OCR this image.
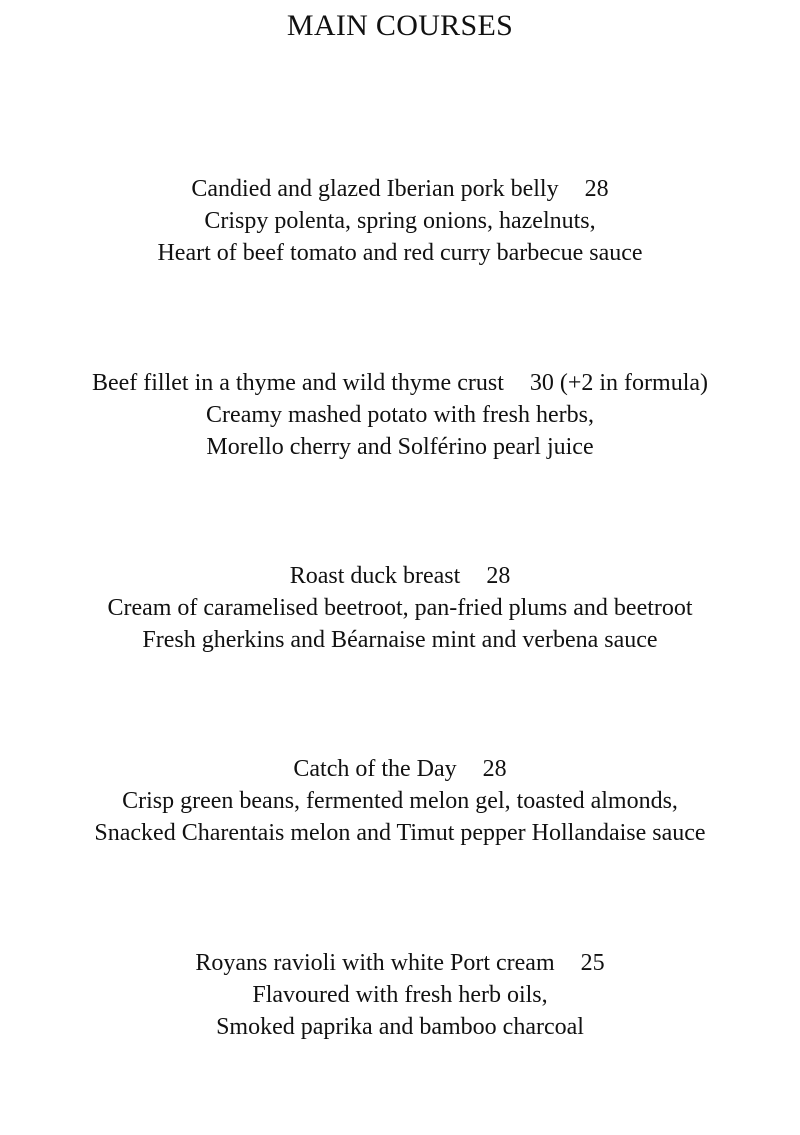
MAIN COURSES
Candied and glazed Iberian pork belly 28
Crispy polenta, spring onions, hazelnuts,
Heart of beef tomato and red curry barbecue sauce
Beef fillet in a thyme and wild thyme crust 30 (+2 in formula)
Creamy mashed potato with fresh herbs,
Morello cherry and Solférino pearl juice
Roast duck breast 28
Cream of caramelised beetroot, pan-fried plums and beetroot
Fresh gherkins and Béarnaise mint and verbena sauce
Catch of the Day 28
Crisp green beans, fermented melon gel, toasted almonds,
Snacked Charentais melon and Timut pepper Hollandaise sauce
Royans ravioli with white Port cream 25
Flavoured with fresh herb oils,
Smoked paprika and bamboo charcoal
